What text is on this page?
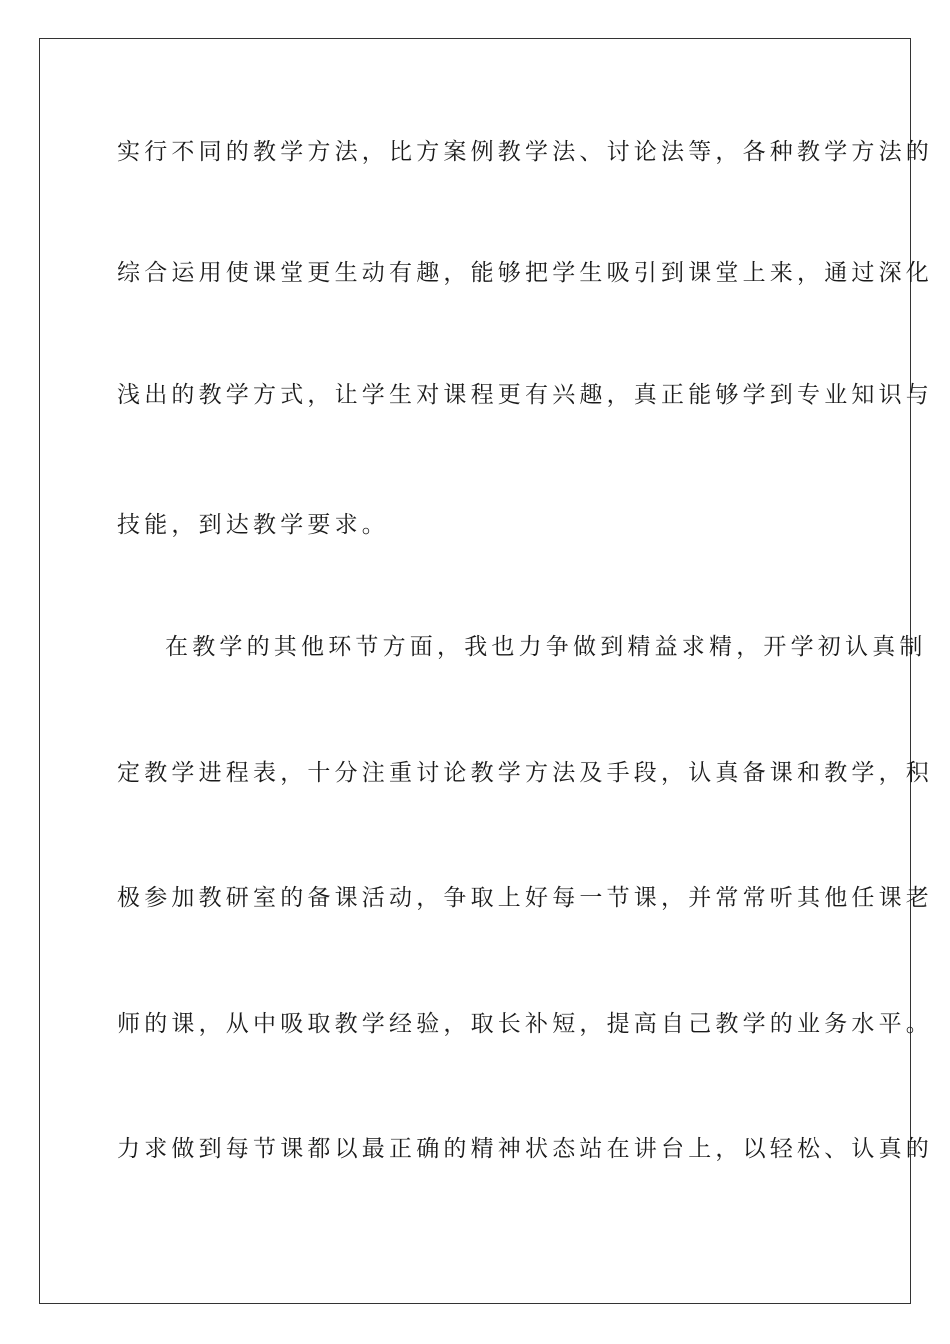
实行不同的教学方法，比方案例教学法、讨论法等，各种教学方法的

综合运用使课堂更生动有趣，能够把学生吸引到课堂上来，通过深化

浅出的教学方式，让学生对课程更有兴趣，真正能够学到专业知识与

技能，到达教学要求。

在教学的其他环节方面，我也力争做到精益求精，开学初认真制

定教学进程表，十分注重讨论教学方法及手段，认真备课和教学，积

极参加教研室的备课活动，争取上好每一节课，并常常听其他任课老

师的课，从中吸取教学经验，取长补短，提高自己教学的业务水平。

力求做到每节课都以最正确的精神状态站在讲台上，以轻松、认真的
